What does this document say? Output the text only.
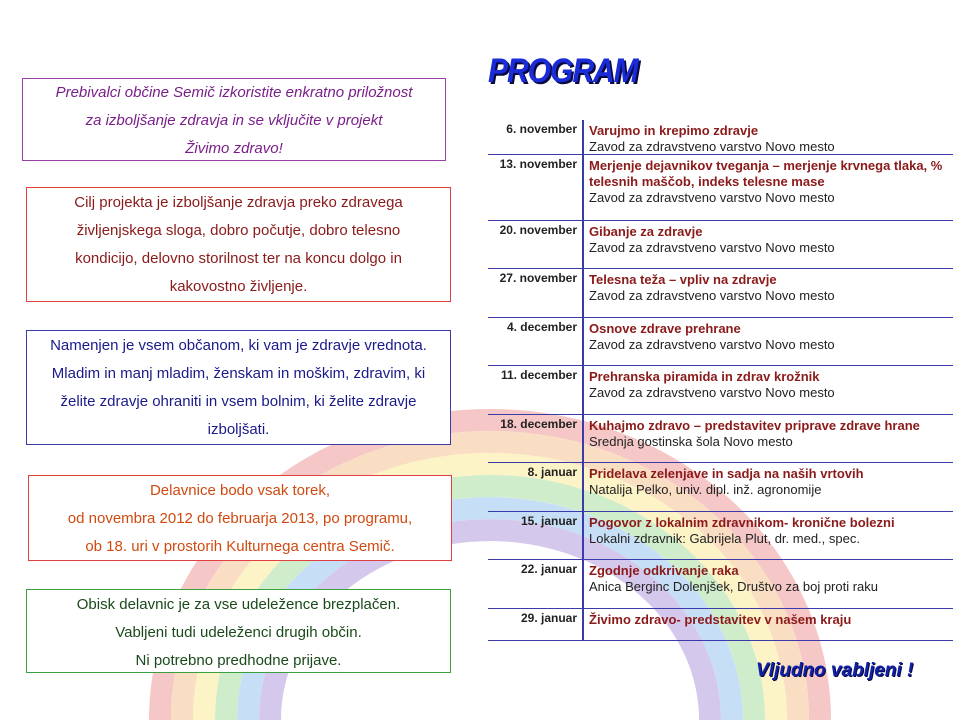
Prebivalci občine Semič izkoristite enkratno priložnost
za izboljšanje zdravja in se vključite v projekt
Živimo zdravo!
Cilj projekta je izboljšanje zdravja preko zdravega
življenjskega sloga, dobro počutje, dobro telesno
kondicijo, delovno storilnost ter na koncu dolgo in
kakovostno življenje.
Namenjen je vsem občanom, ki vam je zdravje vrednota.
Mladim in manj mladim, ženskam in moškim, zdravim, ki
želite zdravje ohraniti in vsem bolnim, ki želite zdravje
izboljšati.
Delavnice bodo vsak torek,
od novembra 2012 do februarja 2013, po programu,
ob 18. uri v prostorih Kulturnega centra Semič.
Obisk delavnic je za vse udeležence brezplačen.
Vabljeni tudi udeleženci drugih občin.
Ni potrebno predhodne prijave.
PROGRAM
6. november Varujmo in krepimo zdravje
Zavod za zdravstveno varstvo Novo mesto
13. november Merjenje dejavnikov tveganja – merjenje krvnega tlaka, % telesnih maščob, indeks telesne mase
Zavod za zdravstveno varstvo Novo mesto
20. november Gibanje za zdravje
Zavod za zdravstveno varstvo Novo mesto
27. november Telesna teža – vpliv na zdravje
Zavod za zdravstveno varstvo Novo mesto
4. december Osnove zdrave prehrane
Zavod za zdravstveno varstvo Novo mesto
11. december Prehranska piramida in zdrav krožnik
Zavod za zdravstveno varstvo Novo mesto
18. december Kuhajmo zdravo – predstavitev priprave zdrave hrane
Srednja gostinska šola Novo mesto
8. januar Pridelava zelenjave in sadja na naših vrtovih
Natalija Pelko, univ. dipl. inž. agronomije
15. januar Pogovor z lokalnim zdravnikom- kronične bolezni
Lokalni zdravnik: Gabrijela Plut, dr. med., spec.
22. januar Zgodnje odkrivanje raka
Anica Berginc Dolenjšek, Društvo za boj proti raku
29. januar Živimo zdravo- predstavitev v našem kraju
Vljudno vabljeni !
